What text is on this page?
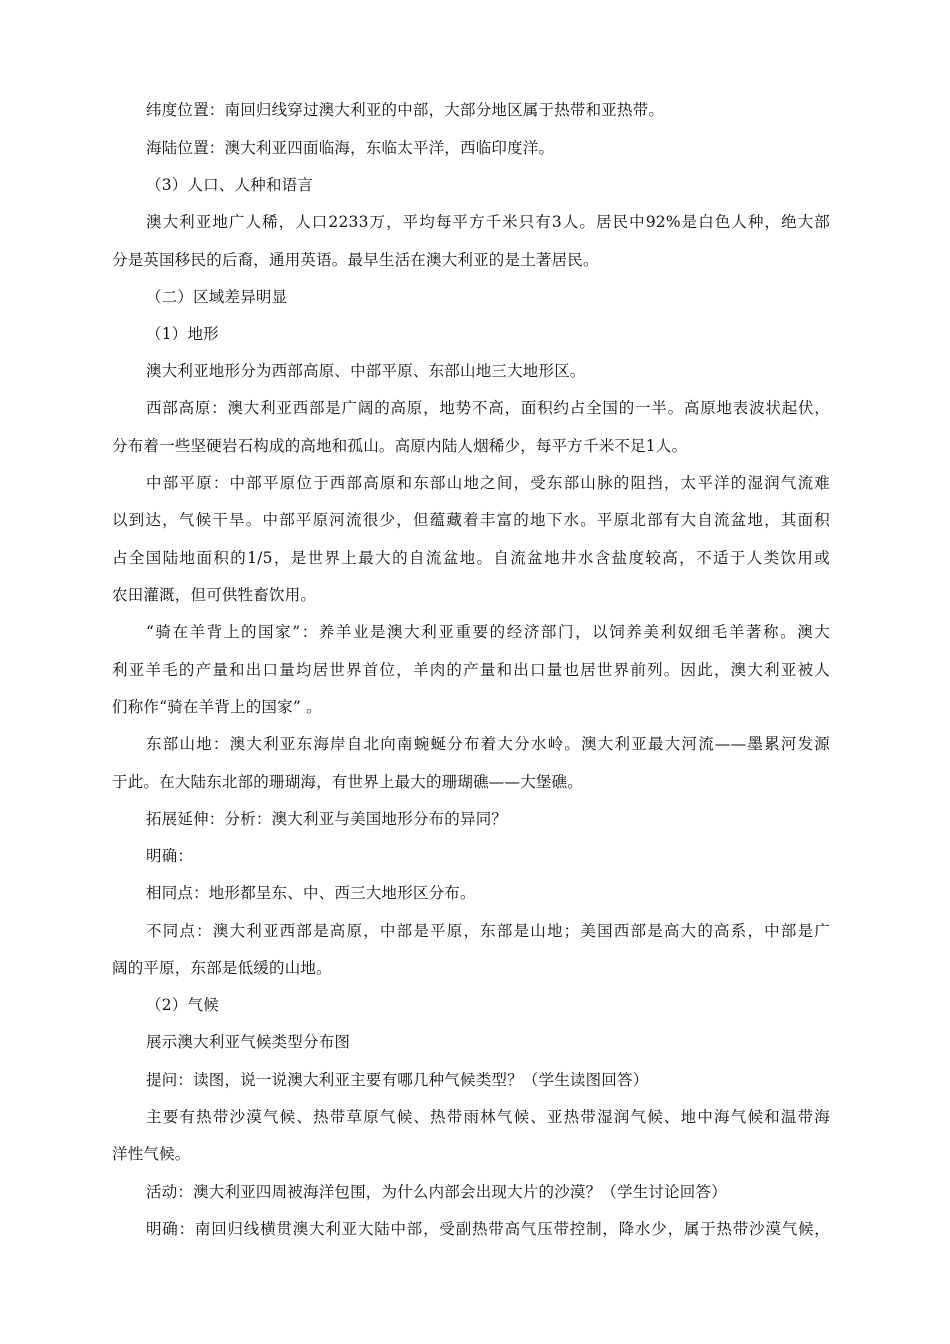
纬度位置：南回归线穿过澳大利亚的中部，大部分地区属于热带和亚热带。

海陆位置：澳大利亚四面临海，东临太平洋，西临印度洋。

（3）人口、人种和语言

澳大利亚地广人稀，人口2233万，平均每平方千米只有3人。居民中92%是白色人种，绝大部

分是英国移民的后裔，通用英语。最早生活在澳大利亚的是土著居民。

（二）区域差异明显

（1）地形

澳大利亚地形分为西部高原、中部平原、东部山地三大地形区。

西部高原：澳大利亚西部是广阔的高原，地势不高，面积约占全国的一半。高原地表波状起伏，

分布着一些坚硬岩石构成的高地和孤山。高原内陆人烟稀少，每平方千米不足1人。

中部平原：中部平原位于西部高原和东部山地之间，受东部山脉的阻挡，太平洋的湿润气流难

以到达，气候干旱。中部平原河流很少，但蕴藏着丰富的地下水。平原北部有大自流盆地，其面积

占全国陆地面积的1/5，是世界上最大的自流盆地。自流盆地井水含盐度较高，不适于人类饮用或

农田灌溉，但可供牲畜饮用。

“骑在羊背上的国家”：养羊业是澳大利亚重要的经济部门，以饲养美利奴细毛羊著称。澳大

利亚羊毛的产量和出口量均居世界首位，羊肉的产量和出口量也居世界前列。因此，澳大利亚被人

们称作“骑在羊背上的国家” 。

东部山地：澳大利亚东海岸自北向南蜿蜒分布着大分水岭。澳大利亚最大河流——墨累河发源

于此。在大陆东北部的珊瑚海，有世界上最大的珊瑚礁——大堡礁。

拓展延伸：分析：澳大利亚与美国地形分布的异同？

明确：

相同点：地形都呈东、中、西三大地形区分布。

不同点：澳大利亚西部是高原，中部是平原，东部是山地；美国西部是高大的高系，中部是广

阔的平原，东部是低缓的山地。

（2）气候

展示澳大利亚气候类型分布图

提问：读图，说一说澳大利亚主要有哪几种气候类型？（学生读图回答）

主要有热带沙漠气候、热带草原气候、热带雨林气候、亚热带湿润气候、地中海气候和温带海

洋性气候。

活动：澳大利亚四周被海洋包围，为什么内部会出现大片的沙漠？（学生讨论回答）

明确：南回归线横贯澳大利亚大陆中部，受副热带高气压带控制，降水少，属于热带沙漠气候，
